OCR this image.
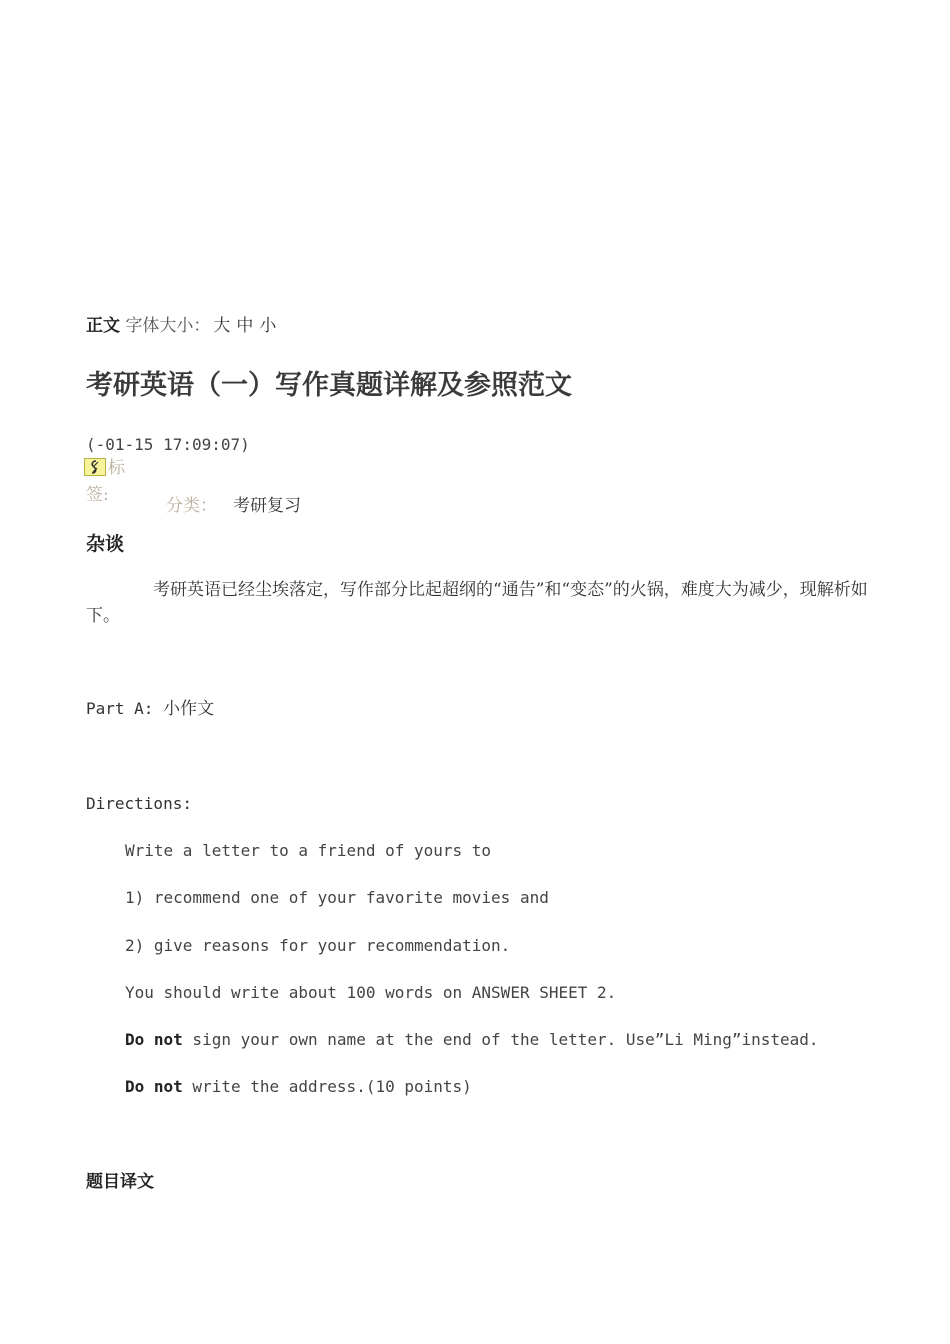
正文 字体大小： 大 中 小
考研英语（一）写作真题详解及参照范文
(-01-15 17:09:07)
标
签:
分类： 考研复习
杂谈
考研英语已经尘埃落定，写作部分比起超纲的“通告”和“变态”的火锅，难度大为减少，现解析如下。
Part A: 小作文
Directions:
Write a letter to a friend of yours to
1) recommend one of your favorite movies and
2) give reasons for your recommendation.
You should write about 100 words on ANSWER SHEET 2.
Do not sign your own name at the end of the letter. Use”Li Ming”instead.
Do not write the address.(10 points)
题目译文
